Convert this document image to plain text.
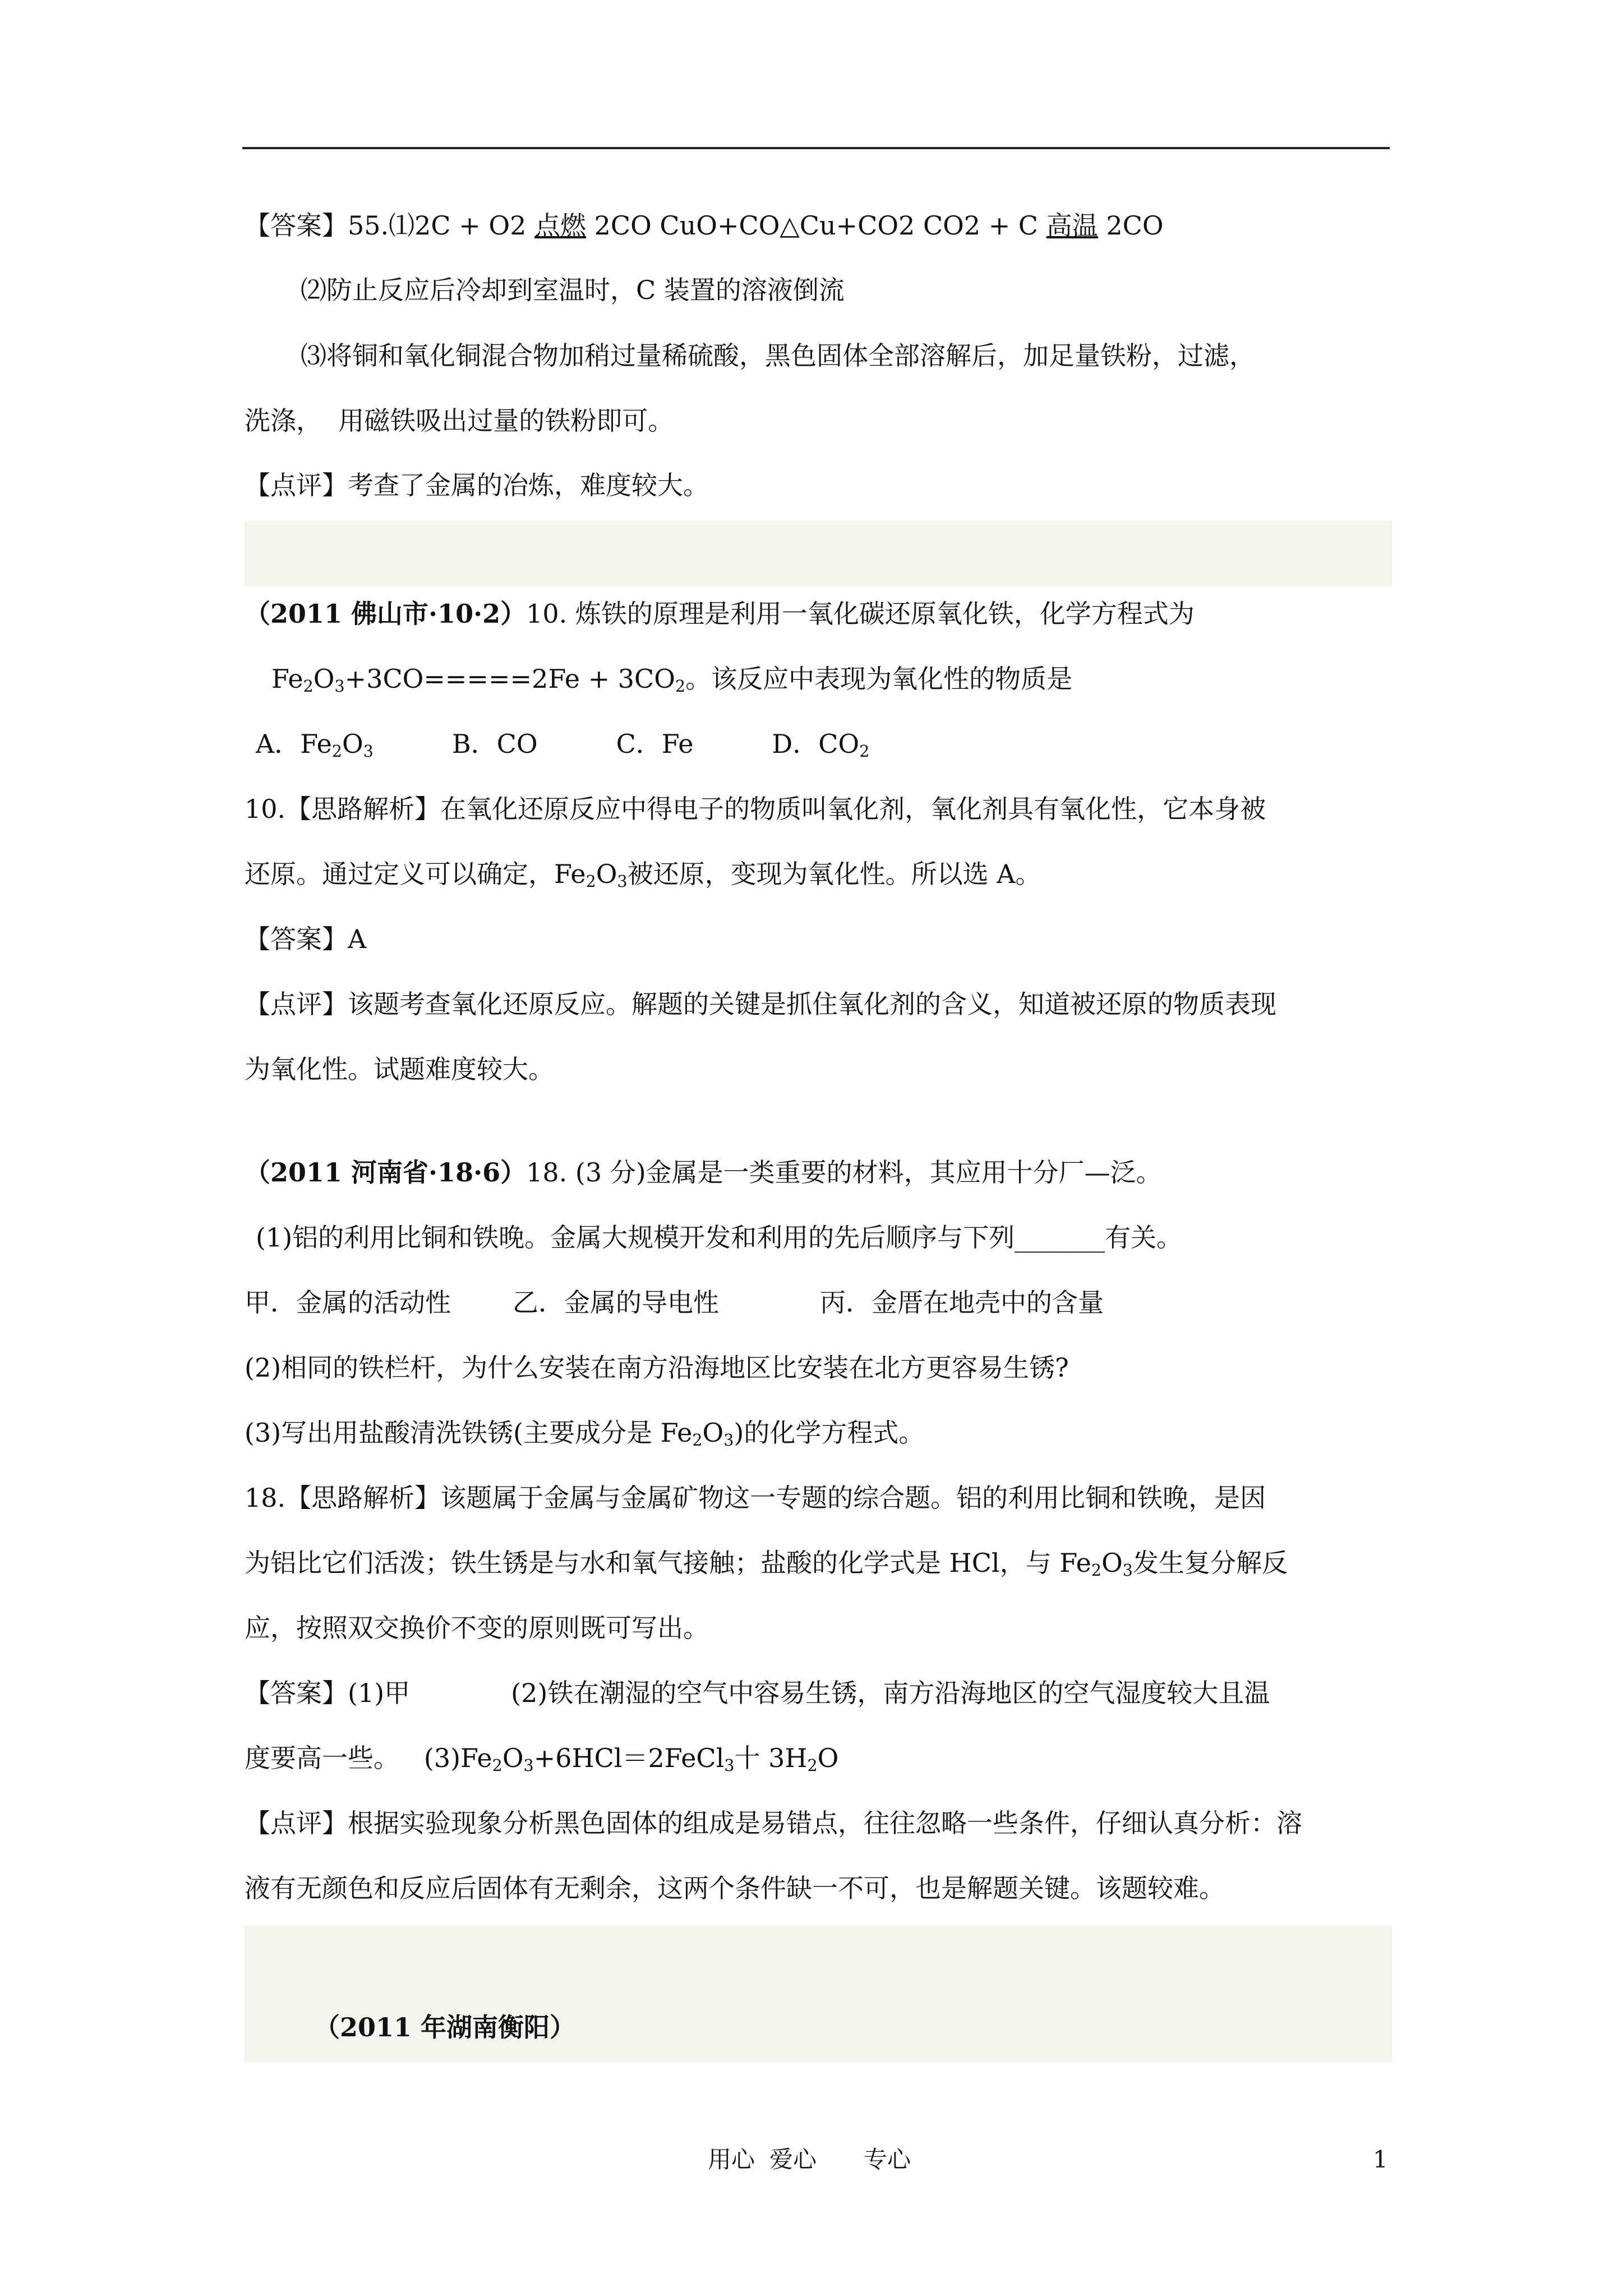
【答案】55.⑴2C + O2 点燃 2CO CuO+CO△Cu+CO2 CO2 + C 高温 2CO
⑵防止反应后冷却到室温时，C 装置的溶液倒流
⑶将铜和氧化铜混合物加稍过量稀硫酸，黑色固体全部溶解后，加足量铁粉，过滤，
洗涤，  用磁铁吸出过量的铁粉即可。
【点评】考查了金属的冶炼，难度较大。
（2011 佛山市·10·2）10. 炼铁的原理是利用一氧化碳还原氧化铁，化学方程式为
$Fe_2O_3+3CO=====2Fe + 3CO_2$。该反应中表现为氧化性的物质是
A．$Fe_2O_3$	B．CO	C．Fe	D．$CO_2$
10.【思路解析】在氧化还原反应中得电子的物质叫氧化剂，氧化剂具有氧化性，它本身被
还原。通过定义可以确定，$Fe_2O_3$被还原，变现为氧化性。所以选 A。
【答案】A
【点评】该题考查氧化还原反应。解题的关键是抓住氧化剂的含义，知道被还原的物质表现
为氧化性。试题难度较大。
（2011 河南省·18·6）18. (3 分)金属是一类重要的材料，其应用十分厂—泛。
(1)铝的利用比铜和铁晚。金属大规模开发和利用的先后顺序与下列_______有关。
甲．金属的活动性 乙．金属的导电性	丙．金厝在地壳中的含量
(2)相同的铁栏杆，为什么安装在南方沿海地区比安装在北方更容易生锈?
(3)写出用盐酸清洗铁锈(主要成分是 $Fe_2O_3$)的化学方程式。
18.【思路解析】该题属于金属与金属矿物这一专题的综合题。铝的利用比铜和铁晚，是因
为铝比它们活泼；铁生锈是与水和氧气接触；盐酸的化学式是 HCl，与 $Fe_2O_3$发生复分解反
应，按照双交换价不变的原则既可写出。
【答案】(1)甲	(2)铁在潮湿的空气中容易生锈，南方沿海地区的空气湿度较大且温
度要高一些。   $(3)Fe_2O_3+6HCl=2FeCl_3$十 $3H_2O$
【点评】根据实验现象分析黑色固体的组成是易错点，往往忽略一些条件，仔细认真分析：溶
液有无颜色和反应后固体有无剩余，这两个条件缺一不可，也是解题关键。该题较难。
（2011 年湖南衡阳）
用心 爱心 专心	1
